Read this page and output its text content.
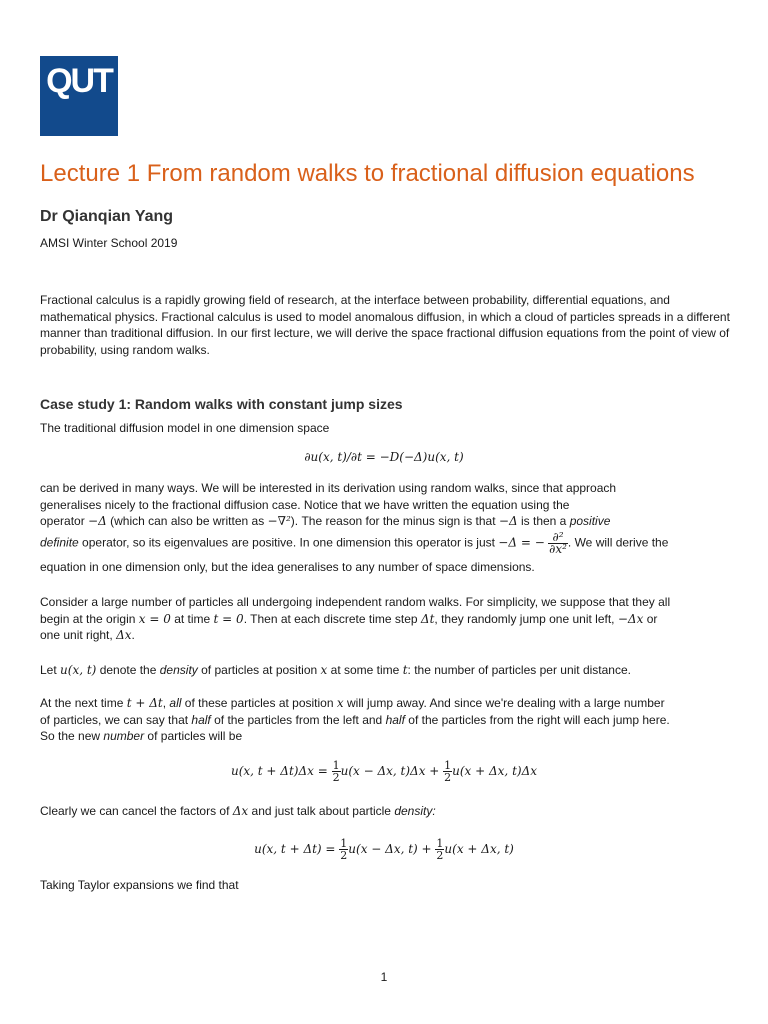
QUT
Lecture 1 From random walks to fractional diffusion equations
Dr Qianqian Yang
AMSI Winter School 2019
Fractional calculus is a rapidly growing field of research, at the interface between probability, differential equations, and mathematical physics. Fractional calculus is used to model anomalous diffusion, in which a cloud of particles spreads in a different manner than traditional diffusion. In our first lecture, we will derive the space fractional diffusion equations from the point of view of probability, using random walks.
Case study 1: Random walks with constant jump sizes
The traditional diffusion model in one dimension space
∂u(x, t)/∂t = −D(−Δ)u(x, t)
can be derived in many ways. We will be interested in its derivation using random walks, since that approach
generalises nicely to the fractional diffusion case. Notice that we have written the equation using the
operator −Δ (which can also be written as −∇²). The reason for the minus sign is that −Δ is then a positive
definite operator, so its eigenvalues are positive. In one dimension this operator is just −Δ = − $\frac{\text{∂²}}{\text{∂x²}}$ . We will derive the
equation in one dimension only, but the idea generalises to any number of space dimensions.
Consider a large number of particles all undergoing independent random walks. For simplicity, we suppose that they all
begin at the origin x = 0 at time t = 0. Then at each discrete time step Δt, they randomly jump one unit left, −Δx or
one unit right, Δx.
Let u(x, t) denote the density of particles at position x at some time t: the number of particles per unit distance.
At the next time t + Δt, all of these particles at position x will jump away. And since we're dealing with a large number
of particles, we can say that half of the particles from the left and half of the particles from the right will each jump here.
So the new number of particles will be
u(x, $t + \Delta t)\Delta x = \frac{1}{2} u(x - \Delta x$, $t)\Delta x + \frac{1}{2} u(x + \Delta x$, t)Δx
Clearly we can cancel the factors of Δx and just talk about particle density:
u(x, $t + \Delta t) = \frac{1}{2} u(x - \Delta x$, $t) + \frac{1}{2} u(x + \Delta x$, t)
Taking Taylor expansions we find that
1
